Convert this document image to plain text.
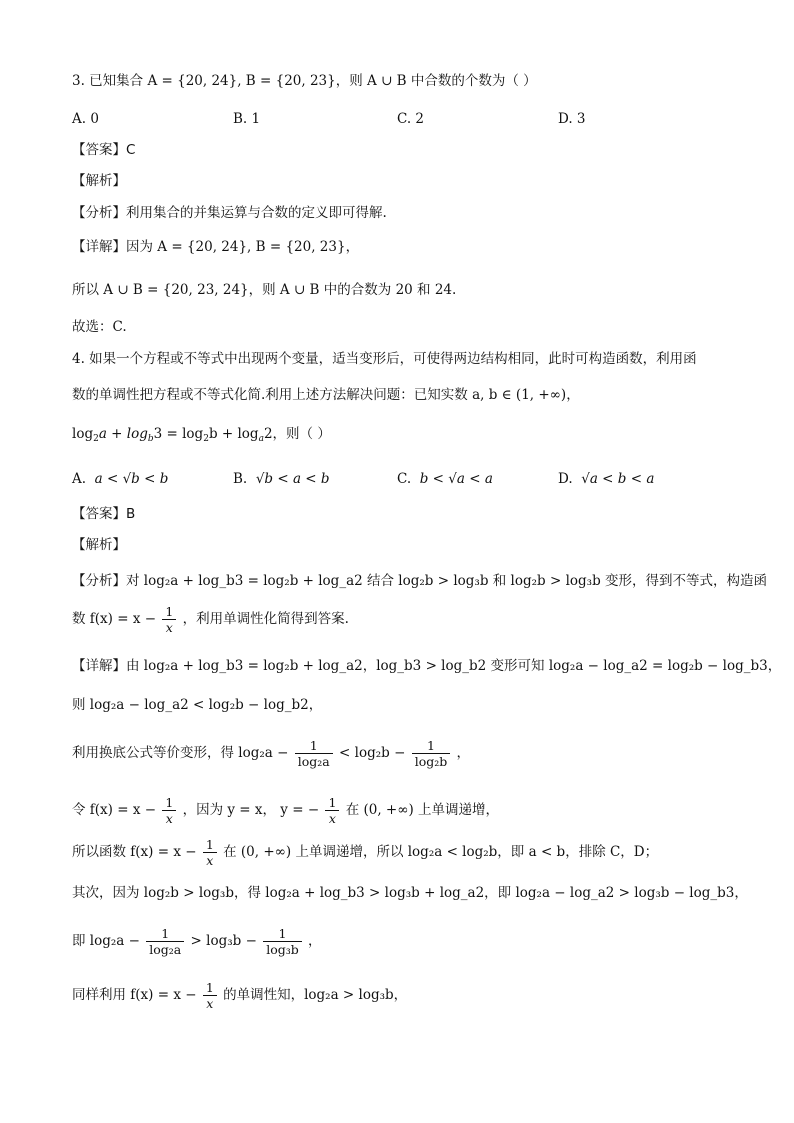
3. 已知集合 A = {20, 24}, B = {20, 23}，则 A ∪ B 中合数的个数为（ ）
A. 0	B. 1	C. 2	D. 3
【答案】C
【解析】
【分析】利用集合的并集运算与合数的定义即可得解.
【详解】因为 A = {20, 24}, B = {20, 23}，
所以 A ∪ B = {20, 23, 24}，则 A ∪ B 中的合数为 20 和 24.
故选：C.
4. 如果一个方程或不等式中出现两个变量，适当变形后，可使得两边结构相同，此时可构造函数，利用函
数的单调性把方程或不等式化简.利用上述方法解决问题：已知实数 a, b ∈ (1, +∞)，
$\log_2a + \log_b3 = \log_2b + \log_a2$，则（ ）
A. a < √b < b	B. √b < a < b	C. b < √a < a	D. √a < b < a
【答案】B
【解析】
【分析】对 log₂a + log_b3 = log₂b + log_a2 结合 log₂b > log₃b 和 log₂b > log₃b 变形，得到不等式，构造函
数 $f(x) = x - \frac{1}{x}$ ，利用单调性化简得到答案.
【详解】由 log₂a + log_b3 = log₂b + log_a2，log_b3 > log_b2 变形可知 log₂a − log_a2 = log₂b − log_b3，
则 log₂a − log_a2 < log₂b − log_b2，
利用换底公式等价变形，得 $\log_2a - \frac{1}{\text{log₂a}} < \log_2b - \frac{1}{\text{log₂b}}$ ，
令 $f(x) = x - \frac{1}{x}$ ，因为 y = x， y = − $\frac{1}{x}$ 在 (0, +∞) 上单调递增，
所以函数 $f(x) = x - \frac{1}{x}$ 在 (0, +∞) 上单调递增，所以 log₂a < log₂b，即 a < b，排除 C，D；
其次，因为 log₂b > log₃b，得 log₂a + log_b3 > log₃b + log_a2，即 log₂a − log_a2 > log₃b − log_b3，
即 $\log_2a - \frac{1}{\text{log₂a}} > \log_3b - \frac{1}{\text{log₃b}}$ ，
同样利用 $f(x) = x - \frac{1}{x}$ 的单调性知，log₂a > log₃b，
